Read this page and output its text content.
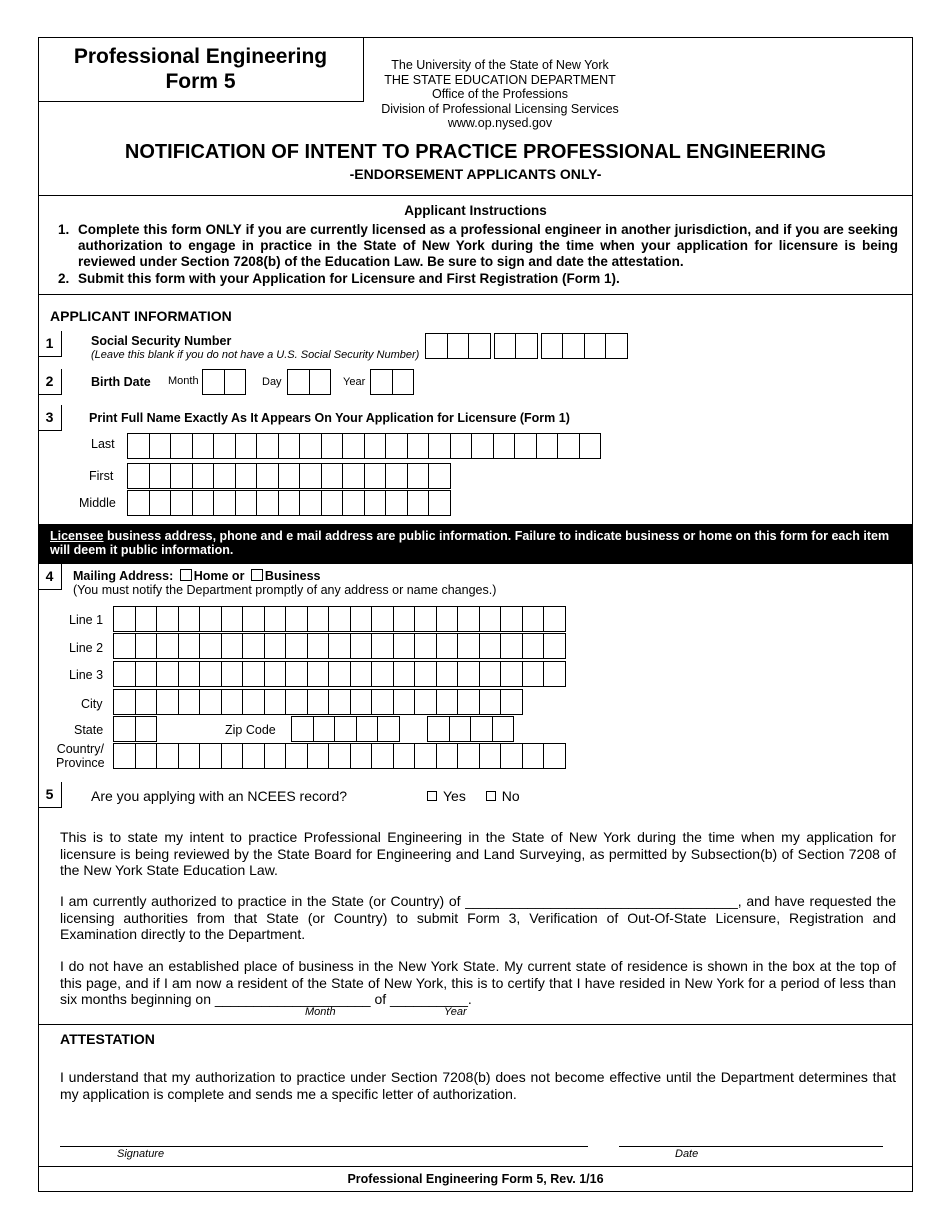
Professional Engineering
Form 5
The University of the State of New York
THE STATE EDUCATION DEPARTMENT
Office of the Professions
Division of Professional Licensing Services
www.op.nysed.gov
NOTIFICATION OF INTENT TO PRACTICE PROFESSIONAL ENGINEERING
-ENDORSEMENT APPLICANTS ONLY-
Applicant Instructions
1. Complete this form ONLY if you are currently licensed as a professional engineer in another jurisdiction, and if you are seeking authorization to engage in practice in the State of New York during the time when your application for licensure is being reviewed under Section 7208(b) of the Education Law. Be sure to sign and date the attestation.
2. Submit this form with your Application for Licensure and First Registration (Form 1).
APPLICANT INFORMATION
1	Social Security Number
(Leave this blank if you do not have a U.S. Social Security Number)
2	Birth Date Month	Day	Year
3	Print Full Name Exactly As It Appears On Your Application for Licensure (Form 1)
Last
First
Middle
Licensee business address, phone and e mail address are public information. Failure to indicate business or home on this form for each item will deem it public information.
4	Mailing Address: Home or Business
(You must notify the Department promptly of any address or name changes.)
Line 1
Line 2
Line 3
City
State	Zip Code
Country/
Province
5	Are you applying with an NCEES record?	Yes	No
This is to state my intent to practice Professional Engineering in the State of New York during the time when my application for licensure is being reviewed by the State Board for Engineering and Land Surveying, as permitted by Subsection(b) of Section 7208 of the New York State Education Law.
I am currently authorized to practice in the State (or Country) of ___________________________________, and have requested the licensing authorities from that State (or Country) to submit Form 3, Verification of Out-Of-State Licensure, Registration and Examination directly to the Department.
I do not have an established place of business in the New York State. My current state of residence is shown in the box at the top of this page, and if I am now a resident of the State of New York, this is to certify that I have resided in New York for a period of less than six months beginning on ____________________ of __________.
Month	Year
ATTESTATION
I understand that my authorization to practice under Section 7208(b) does not become effective until the Department determines that my application is complete and sends me a specific letter of authorization.
Signature	Date
Professional Engineering Form 5, Rev. 1/16
